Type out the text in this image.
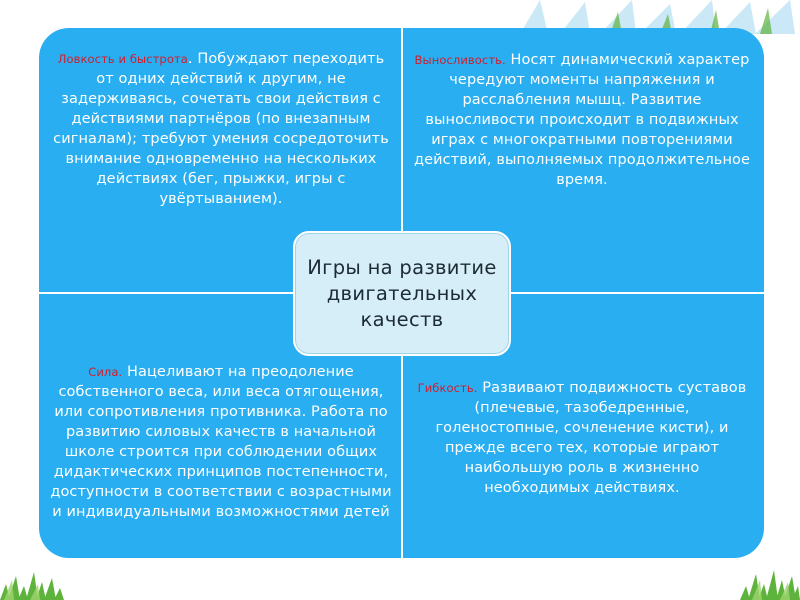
Ловкость и быстрота. Побуждают переходить от одних действий к другим, не задерживаясь, сочетать свои действия с действиями партнёров (по внезапным сигналам); требуют умения сосредоточить внимание одновременно на нескольких действиях (бег, прыжки, игры с увёртыванием).
Выносливость. Носят динамический характер чередуют моменты напряжения и расслабления мышц. Развитие выносливости происходит в подвижных играх с многократными повторениями действий, выполняемых продолжительное время.
Сила. Нацеливают на преодоление собственного веса, или веса отягощения, или сопротивления противника. Работа по развитию силовых качеств в начальной школе строится при соблюдении общих дидактических принципов постепенности, доступности в соответствии с возрастными и индивидуальными возможностями детей
Гибкость. Развивают подвижность суставов (плечевые, тазобедренные, голеностопные, сочленение кисти), и прежде всего тех, которые играют наибольшую роль в жизненно необходимых действиях.
Игры на развитие двигательных качеств
